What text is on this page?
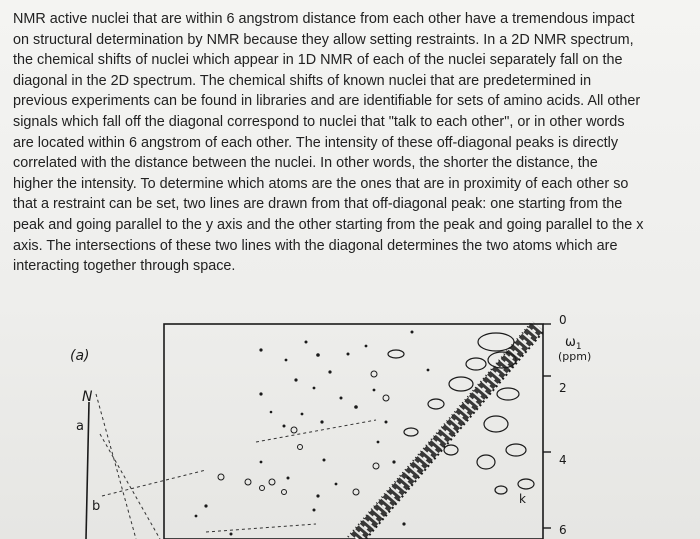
NMR active nuclei that are within 6 angstrom distance from each other have a tremendous impact
on structural determination by NMR because they allow setting restraints. In a 2D NMR spectrum,
the chemical shifts of nuclei which appear in 1D NMR of each of the nuclei separately fall on the
diagonal in the 2D spectrum. The chemical shifts of known nuclei that are predetermined in
previous experiments can be found in libraries and are identifiable for sets of amino acids. All other
signals which fall off the diagonal correspond to nuclei that "talk to each other", or in other words
are located within 6 angstrom of each other. The intensity of these off-diagonal peaks is directly
correlated with the distance between the nuclei. In other words, the shorter the distance, the
higher the intensity. To determine which atoms are the ones that are in proximity of each other so
that a restraint can be set, two lines are drawn from that off-diagonal peak: one starting from the
peak and going parallel to the y axis and the other starting from the peak and going parallel to the x
axis. The intersections of these two lines with the diagonal determines the two atoms which are
interacting together through space.
(a)
N
a
b	k
0
2
4
6
$\omega_1$
(ppm)
